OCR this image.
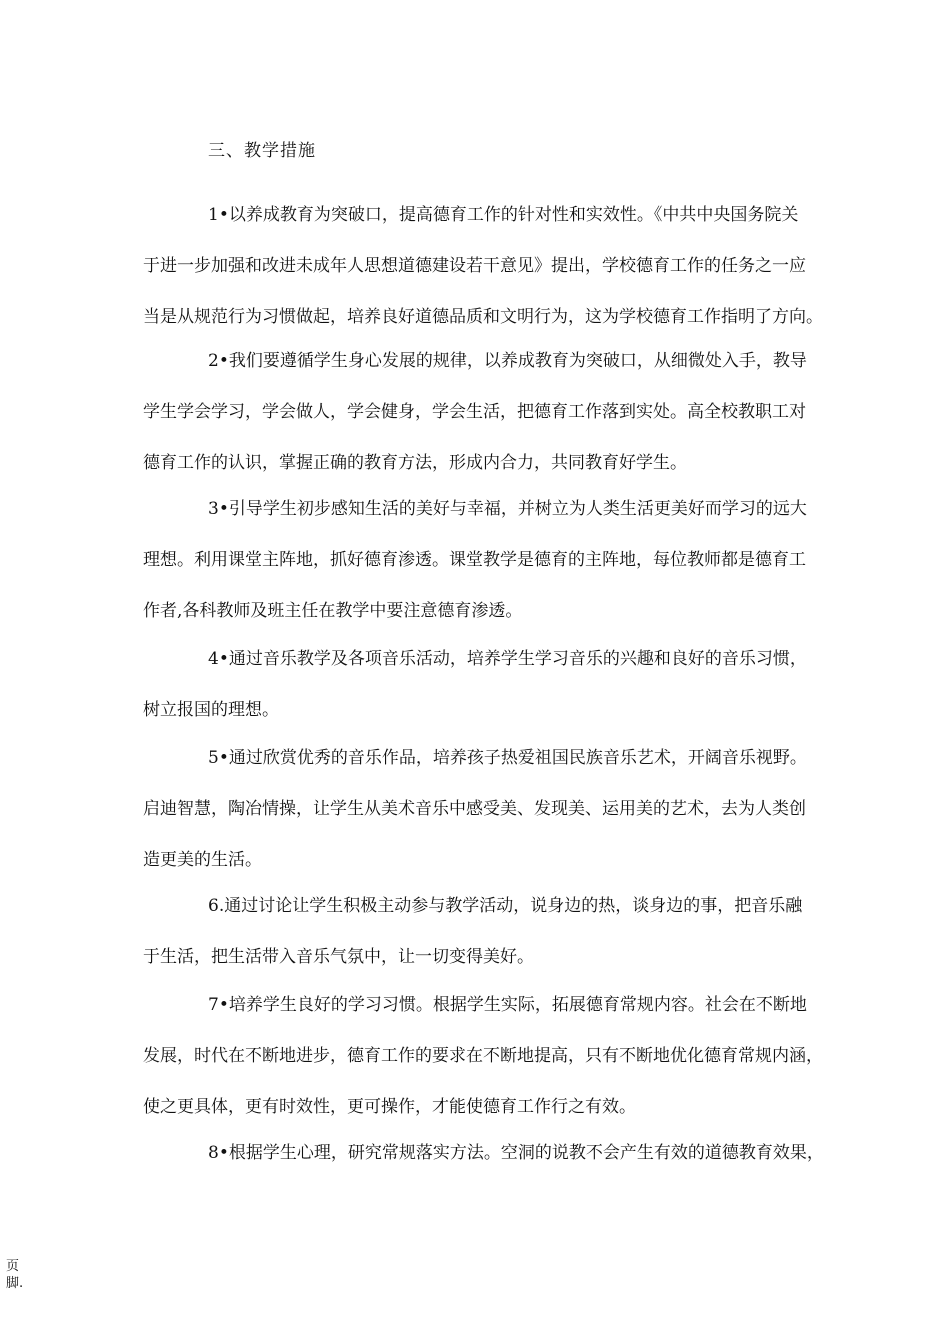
三、教学措施
1•以养成教育为突破口，提高德育工作的针对性和实效性。《中共中央国务院关
于进一步加强和改进未成年人思想道德建设若干意见》提出，学校德育工作的任务之一应
当是从规范行为习惯做起，培养良好道德品质和文明行为，这为学校德育工作指明了方向。
2•我们要遵循学生身心发展的规律，以养成教育为突破口，从细微处入手，教导
学生学会学习，学会做人，学会健身，学会生活，把德育工作落到实处。高全校教职工对
德育工作的认识，掌握正确的教育方法，形成内合力，共同教育好学生。
3•引导学生初步感知生活的美好与幸福，并树立为人类生活更美好而学习的远大
理想。利用课堂主阵地，抓好德育渗透。课堂教学是德育的主阵地，每位教师都是德育工
作者,各科教师及班主任在教学中要注意德育渗透。
4•通过音乐教学及各项音乐活动，培养学生学习音乐的兴趣和良好的音乐习惯，
树立报国的理想。
5•通过欣赏优秀的音乐作品，培养孩子热爱祖国民族音乐艺术，开阔音乐视野。
启迪智慧，陶冶情操，让学生从美术音乐中感受美、发现美、运用美的艺术，去为人类创
造更美的生活。
6.通过讨论让学生积极主动参与教学活动，说身边的热，谈身边的事，把音乐融
于生活，把生活带入音乐气氛中，让一切变得美好。
7•培养学生良好的学习习惯。根据学生实际，拓展德育常规内容。社会在不断地
发展，时代在不断地进步，德育工作的要求在不断地提高，只有不断地优化德育常规内涵，
使之更具体，更有时效性，更可操作，才能使德育工作行之有效。
8•根据学生心理，研究常规落实方法。空洞的说教不会产生有效的道德教育效果，
页脚.
